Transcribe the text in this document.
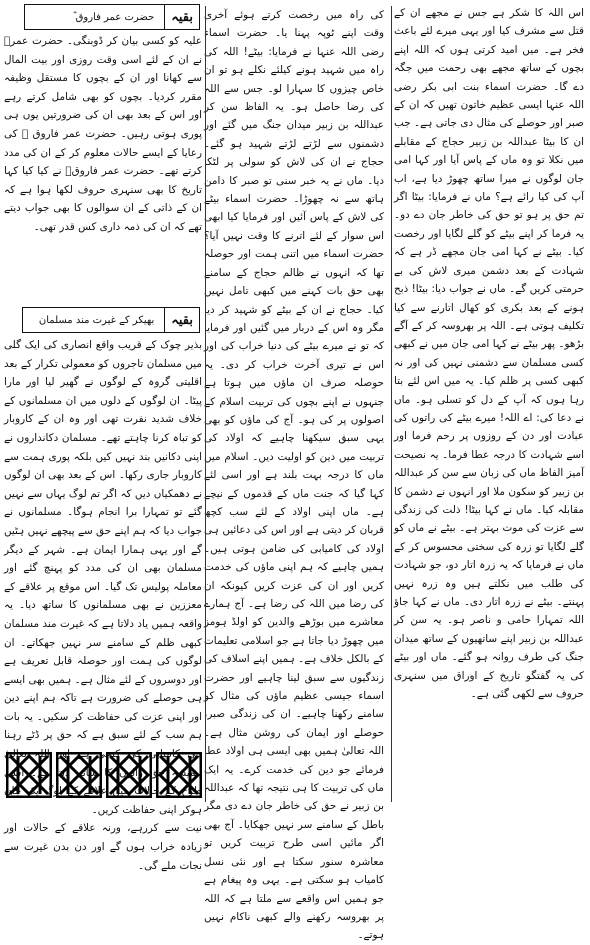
اس اللہ کا شکر ہے جس نے مجھے ان کے قتل سے مشرف کیا اور یہی میرے لئے باعث فخر ہے۔ میں امید کرتی ہوں کہ اللہ اپنے بچوں کے ساتھ مجھے بھی رحمت میں جگہ دے گا۔ حضرت اسماء بنت ابی بکر رضی اللہ عنہا ایسی عظیم خاتون تھیں کہ ان کے صبر اور حوصلے کی مثال دی جاتی ہے۔ جب ان کا بیٹا عبداللہ بن زبیر حجاج کے مقابلے میں نکلا تو وہ ماں کے پاس آیا اور کہا امی جان لوگوں نے میرا ساتھ چھوڑ دیا ہے، اب آپ کی کیا رائے ہے؟ ماں نے فرمایا: بیٹا اگر تم حق پر ہو تو حق کی خاطر جان دے دو۔ یہ فرما کر اپنے بیٹے کو گلے لگایا اور رخصت کیا۔ بیٹے نے کہا امی جان مجھے ڈر ہے کہ شہادت کے بعد دشمن میری لاش کی بے حرمتی کریں گے۔ ماں نے جواب دیا: بیٹا! ذبح ہونے کے بعد بکری کو کھال اتارنے سے کیا تکلیف ہوتی ہے۔ اللہ پر بھروسہ کر کے آگے بڑھو۔ پھر بیٹے نے کہا امی جان میں نے کبھی کسی مسلمان سے دشمنی نہیں کی اور نہ کبھی کسی پر ظلم کیا۔ یہ میں اس لئے بتا رہا ہوں کہ آپ کے دل کو تسلی ہو۔ ماں نے دعا کی: اے اللہ! میرے بیٹے کی راتوں کی عبادت اور دن کے روزوں پر رحم فرما اور اسے شہادت کا درجہ عطا فرما۔ یہ نصیحت آمیز الفاظ ماں کی زبان سے سن کر عبداللہ بن زبیر کو سکون ملا اور انہوں نے دشمن کا مقابلہ کیا۔ ماں نے کہا بیٹا! ذلت کی زندگی سے عزت کی موت بہتر ہے۔ بیٹے نے ماں کو گلے لگایا تو زرہ کی سختی محسوس کر کے ماں نے فرمایا کہ یہ زرہ اتار دو، جو شہادت کی طلب میں نکلتے ہیں وہ زرہ نہیں پہنتے۔ بیٹے نے زرہ اتار دی۔ ماں نے کہا جاؤ اللہ تمہارا حامی و ناصر ہو۔ یہ سن کر عبداللہ بن زبیر اپنے ساتھیوں کے ساتھ میدان جنگ کی طرف روانہ ہو گئے۔ ماں اور بیٹے کی یہ گفتگو تاریخ کے اوراق میں سنہری حروف سے لکھی گئی ہے۔

کی راہ میں رخصت کرتے ہوئے آخری وقت اپنے ٹوپہ پہنا یا۔ حضرت اسماء رضی اللہ عنہا نے فرمایا: بیٹے! اللہ کی راہ میں شہید ہونے کیلئے نکلے ہو تو ان خاص چیزوں کا سہارا لو۔ جس سے اللہ کی رضا حاصل ہو۔ یہ الفاظ سن کر عبداللہ بن زبیر میدان جنگ میں گئے اور دشمنوں سے لڑتے لڑتے شہید ہو گئے۔ حجاج نے ان کی لاش کو سولی پر لٹکا دیا۔ ماں نے یہ خبر سنی تو صبر کا دامن ہاتھ سے نہ چھوڑا۔ حضرت اسماء بیٹے کی لاش کے پاس آئیں اور فرمایا کیا ابھی اس سوار کے لئے اترنے کا وقت نہیں آیا؟ حضرت اسماء میں اتنی ہمت اور حوصلہ تھا کہ انہوں نے ظالم حجاج کے سامنے بھی حق بات کہنے میں کبھی تامل نہیں کیا۔ حجاج نے ان کے بیٹے کو شہید کر دیا مگر وہ اس کے دربار میں گئیں اور فرمایا کہ تو نے میرے بیٹے کی دنیا خراب کی اور اس نے تیری آخرت خراب کر دی۔ یہ حوصلہ صرف ان ماؤں میں ہوتا ہے جنہوں نے اپنے بچوں کی تربیت اسلام کے اصولوں پر کی ہو۔ آج کی ماؤں کو بھی یہی سبق سیکھنا چاہیے کہ اولاد کی تربیت میں دین کو اولیت دیں۔ اسلام میں ماں کا درجہ بہت بلند ہے اور اسی لئے کہا گیا کہ جنت ماں کے قدموں کے نیچے ہے۔ ماں اپنی اولاد کے لئے سب کچھ قربان کر دیتی ہے اور اس کی دعائیں ہی اولاد کی کامیابی کی ضامن ہوتی ہیں۔ ہمیں چاہیے کہ ہم اپنی ماؤں کی خدمت کریں اور ان کی عزت کریں کیونکہ ان کی رضا میں اللہ کی رضا ہے۔ آج ہمارے معاشرے میں بوڑھے والدین کو اولڈ ہومز میں چھوڑ دیا جاتا ہے جو اسلامی تعلیمات کے بالکل خلاف ہے۔ ہمیں اپنے اسلاف کی زندگیوں سے سبق لینا چاہیے اور حضرت اسماء جیسی عظیم ماؤں کی مثال کو سامنے رکھنا چاہیے۔ ان کی زندگی صبر، حوصلے اور ایمان کی روشن مثال ہے۔ اللہ تعالیٰ ہمیں بھی ایسی ہی اولاد عطا فرمائے جو دین کی خدمت کرے۔ یہ ایک ماں کی تربیت کا ہی نتیجہ تھا کہ عبداللہ بن زبیر نے حق کی خاطر جان دے دی مگر باطل کے سامنے سر نہیں جھکایا۔ آج بھی اگر مائیں اسی طرح تربیت کریں تو معاشرہ سنور سکتا ہے اور نئی نسل کامیاب ہو سکتی ہے۔ یہی وہ پیغام ہے جو ہمیں اس واقعے سے ملتا ہے کہ اللہ پر بھروسہ رکھنے والے کبھی ناکام نہیں ہوتے۔

بقیہ
حضرت عمر فاروق ؓ

علیہ کو کسی بیان کر ڈوبنگی۔ حضرت عمرؓ نے ان کے لئے اسی وقت روزی اور بیت المال سے کھانا اور ان کے بچوں کا مستقل وظیفہ مقرر کردیا۔ بچوں کو بھی شامل کرتے رہے اور اس کے بعد بھی ان کی ضرورتیں یوں ہی پوری ہوتی رہیں۔ حضرت عمر فاروق ؓ کی رعایا کے ایسے حالات معلوم کر کے ان کی مدد کرتے تھے۔ حضرت عمر فاروقؓ نے کیا کیا کہا تاریخ کا بھی سنہری حروف لکھا ہوا ہے کہ ان کے ذاتی کے ان سوالوں کا بھی جواب دیتے تھے کہ ان کی ذمہ داری کس قدر تھی۔

بقیہ
بھیکر کے غیرت مند مسلمان

بذیر چوک کے قریب واقع انصاری کی ایک گلی میں مسلمان تاجروں کو معمولی تکرار کے بعد اقلیتی گروہ کے لوگوں نے گھیر لیا اور مارا پیٹا۔ ان لوگوں کے دلوں میں ان مسلمانوں کے خلاف شدید نفرت تھی اور وہ ان کے کاروبار کو تباہ کرنا چاہتے تھے۔ مسلمان دکانداروں نے اپنی دکانیں بند نہیں کیں بلکہ پوری ہمت سے کاروبار جاری رکھا۔ اس کے بعد بھی ان لوگوں نے دھمکیاں دیں کہ اگر تم لوگ یہاں سے نہیں گئے تو تمہارا برا انجام ہوگا۔ مسلمانوں نے جواب دیا کہ ہم اپنے حق سے پیچھے نہیں ہٹیں گے اور یہی ہمارا ایمان ہے۔ شہر کے دیگر مسلمان بھی ان کی مدد کو پہنچ گئے اور معاملہ پولیس تک گیا۔ اس موقع پر علاقے کے معززین نے بھی مسلمانوں کا ساتھ دیا۔ یہ واقعہ ہمیں یاد دلاتا ہے کہ غیرت مند مسلمان کبھی ظلم کے سامنے سر نہیں جھکاتے۔ ان لوگوں کی ہمت اور حوصلہ قابل تعریف ہے اور دوسروں کے لئے مثال ہے۔ ہمیں بھی ایسے ہی حوصلے کی ضرورت ہے تاکہ ہم اپنے دین اور اپنی عزت کی حفاظت کر سکیں۔ یہ بات ہم سب کے لئے سبق ہے کہ حق پر ڈٹے رہنا ہی کامیابی کی کنجی ہے اور اللہ تعالیٰ ہمیشہ حق والوں کا ساتھ دیتا ہے۔ اسی طرح کے حالات میں علاقے کے لوگ یک جان ہوکر اپنی حفاظت کریں۔

نیت سے کررہے، ورنہ علاقے کے حالات اور زیادہ خراب ہوں گے اور دن بدن غیرت سے نجات ملے گی۔
